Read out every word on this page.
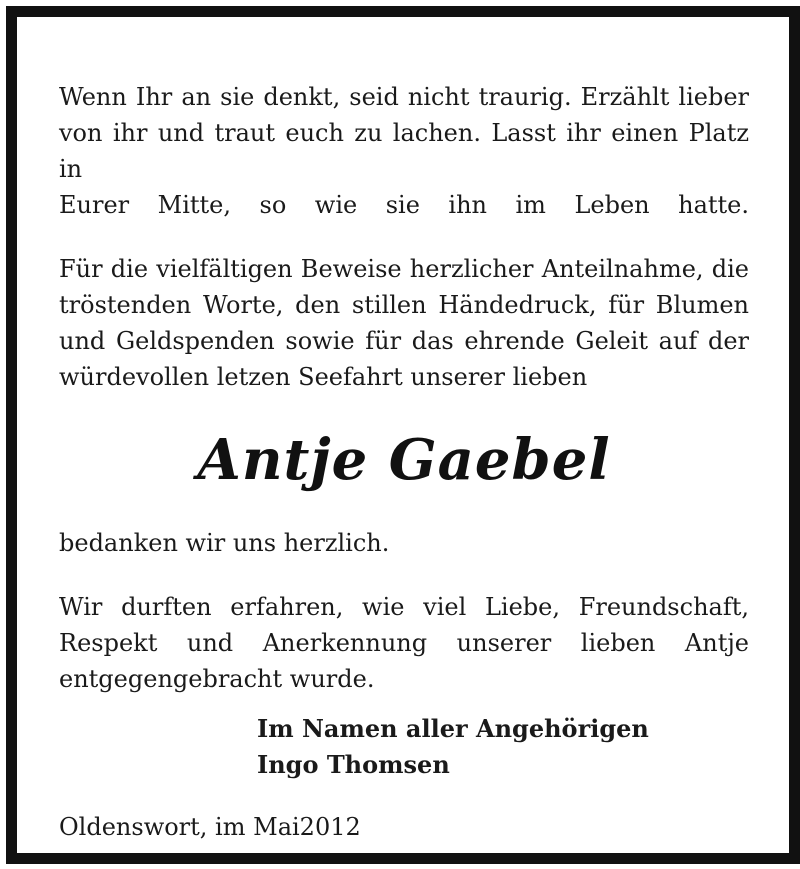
Wenn Ihr an sie denkt, seid nicht traurig. Erzählt lieber
von ihr und traut euch zu lachen. Lasst ihr einen Platz in
Eurer Mitte, so wie sie ihn im Leben hatte.
Für die vielfältigen Beweise herzlicher Anteilnahme, die
tröstenden Worte, den stillen Händedruck, für Blumen
und Geldspenden sowie für das ehrende Geleit auf der
würdevollen letzen Seefahrt unserer lieben
Antje Gaebel
bedanken wir uns herzlich.
Wir durften erfahren, wie viel Liebe, Freundschaft,
Respekt und Anerkennung unserer lieben Antje
entgegengebracht wurde.
Im Namen aller Angehörigen
Ingo Thomsen
Oldenswort, im Mai2012
